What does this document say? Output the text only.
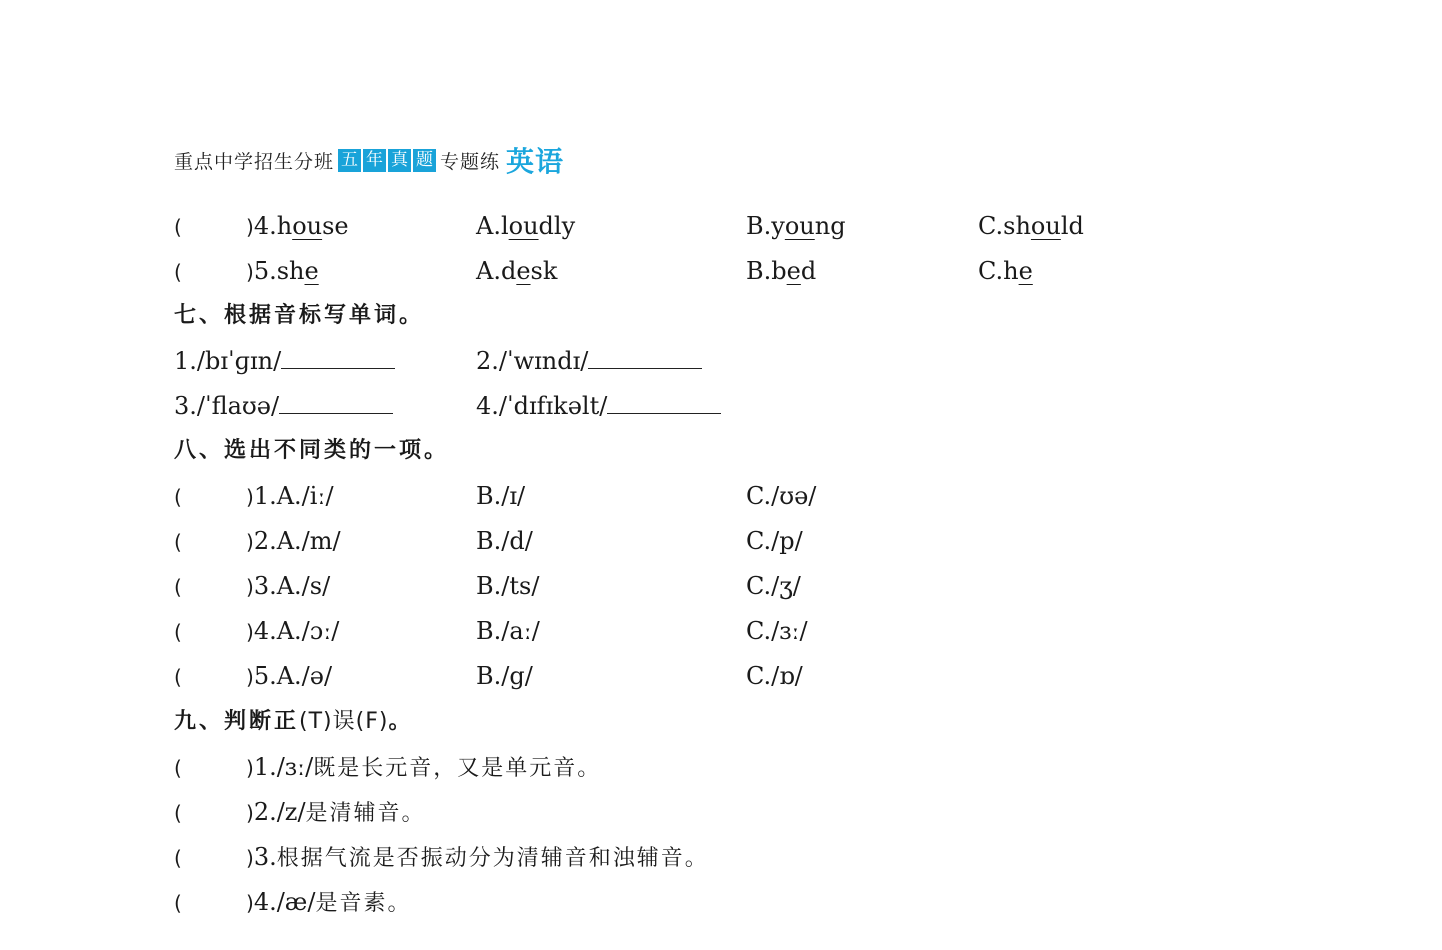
重点中学招生分班 五 年 真 题 专题练 英语
(	)4.house	A.loudly	B.young	C.should
(	)5.she	A.desk	B.bed	C.he
七、根据音标写单词。
1./bɪˈɡɪn/	2./ˈwɪndɪ/
3./ˈflaʊə/	4./ˈdɪfɪkəlt/
八、选出不同类的一项。
(	)1.A./iː/	B./ɪ/	C./ʊə/
(	)2.A./m/	B./d/	C./p/
(	)3.A./s/	B./ts/	C./ʒ/
(	)4.A./ɔː/	B./aː/	C./ɜː/
(	)5.A./ə/	B./g/	C./ɒ/
九、判断正(T)误(F)。
(	)1./ɜː/既是长元音，又是单元音。
(	)2./z/是清辅音。
(	)3.根据气流是否振动分为清辅音和浊辅音。
(	)4./æ/是音素。
